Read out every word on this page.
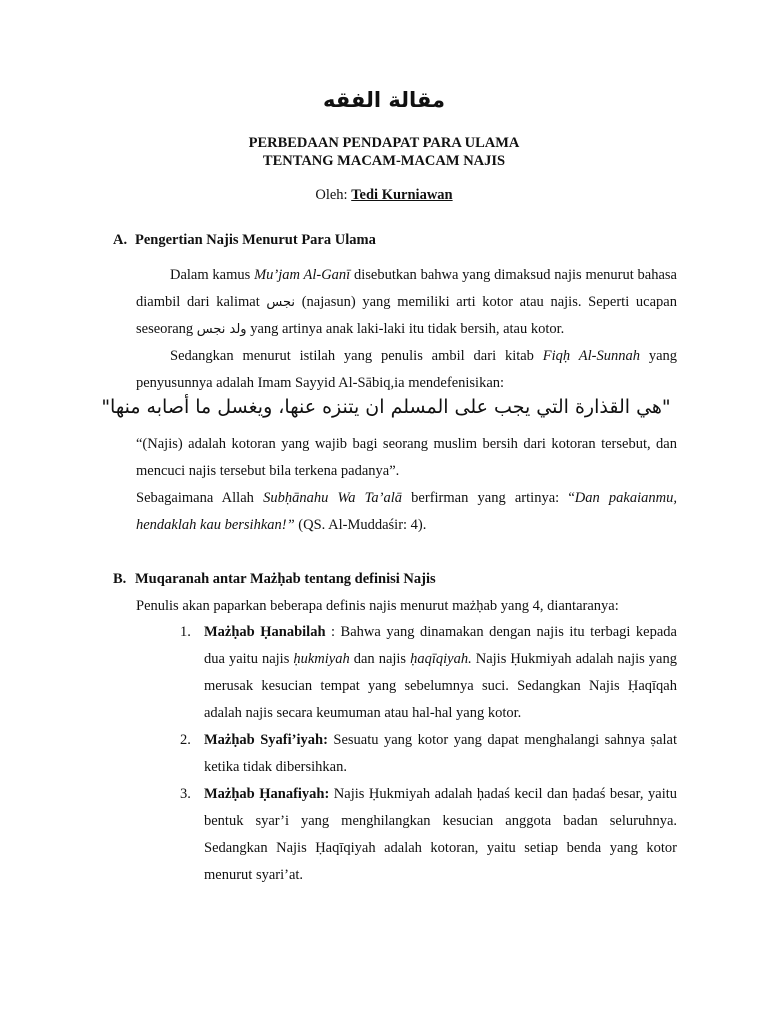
مقالة الفقه
PERBEDAAN PENDAPAT PARA ULAMA
TENTANG MACAM-MACAM NAJIS
Oleh: Tedi Kurniawan
A. Pengertian Najis Menurut Para Ulama
Dalam kamus Mu’jam Al-Ganī disebutkan bahwa yang dimaksud najis menurut bahasa diambil dari kalimat نجس (najasun) yang memiliki arti kotor atau najis. Seperti ucapan seseorang ولد نجس yang artinya anak laki-laki itu tidak bersih, atau kotor.
Sedangkan menurut istilah yang penulis ambil dari kitab Fiqḥ Al-Sunnah yang penyusunnya adalah Imam Sayyid Al-Sābiq,ia mendefenisikan:
"هي القذارة التي يجب على المسلم ان يتنزه عنها، ويغسل ما أصابه منها"
“(Najis) adalah kotoran yang wajib bagi seorang muslim bersih dari kotoran tersebut, dan mencuci najis tersebut bila terkena padanya”.
Sebagaimana Allah Subḥānahu Wa Ta’alā berfirman yang artinya: “Dan pakaianmu, hendaklah kau bersihkan!” (QS. Al-Muddaśir: 4).
B. Muqaranah antar Mażḥab tentang definisi Najis
Penulis akan paparkan beberapa definis najis menurut mażḥab yang 4, diantaranya:
1. Mażḥab Ḥanabilah : Bahwa yang dinamakan dengan najis itu terbagi kepada dua yaitu najis ḥukmiyah dan najis ḥaqīqiyah. Najis Ḥukmiyah adalah najis yang merusak kesucian tempat yang sebelumnya suci. Sedangkan Najis Ḥaqīqah adalah najis secara keumuman atau hal-hal yang kotor.
2. Mażḥab Syafi’iyah: Sesuatu yang kotor yang dapat menghalangi sahnya ṣalat ketika tidak dibersihkan.
3. Mażḥab Ḥanafiyah: Najis Ḥukmiyah adalah ḥadaś kecil dan ḥadaś besar, yaitu bentuk syar’i yang menghilangkan kesucian anggota badan seluruhnya. Sedangkan Najis Ḥaqīqiyah adalah kotoran, yaitu setiap benda yang kotor menurut syari’at.
